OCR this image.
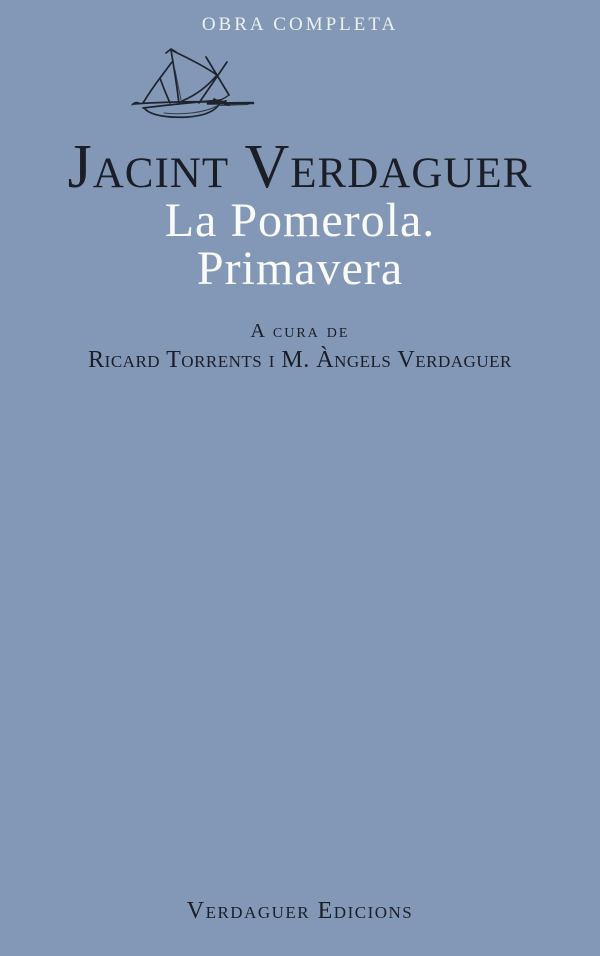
OBRA COMPLETA
Jacint Verdaguer
La Pomerola.
Primavera
A cura de
Ricard Torrents i M. Àngels Verdaguer
Verdaguer Edicions
